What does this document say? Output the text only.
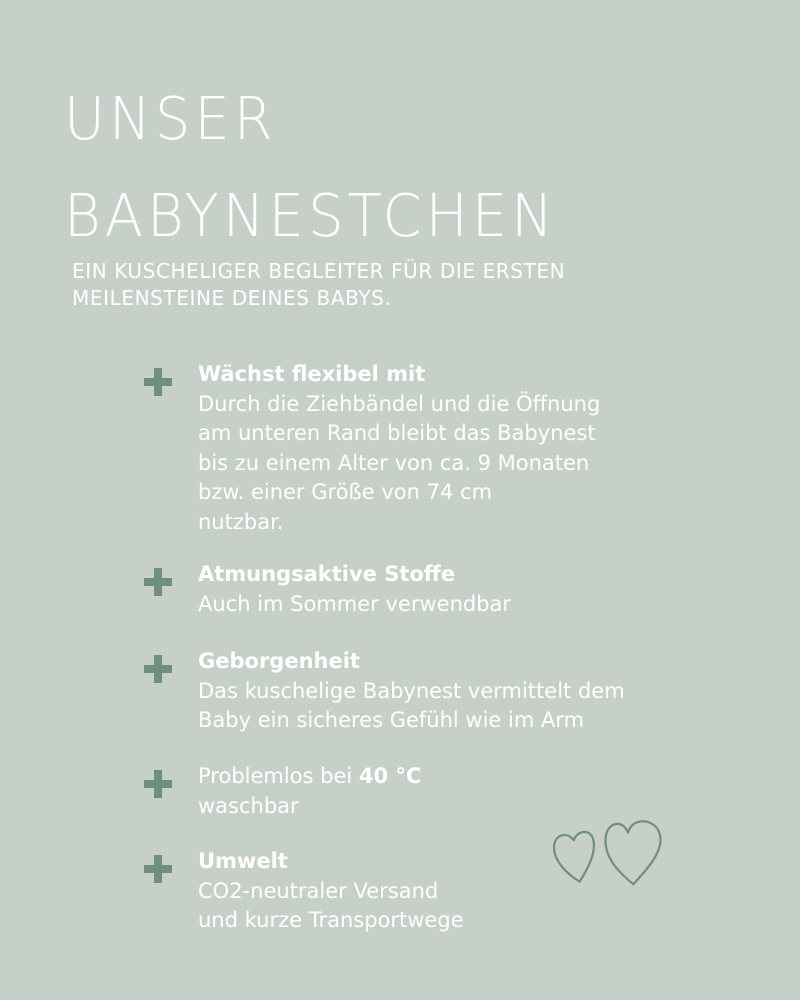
UNSER
BABYNESTCHEN
EIN KUSCHELIGER BEGLEITER FÜR DIE ERSTEN
MEILENSTEINE DEINES BABYS.
Wächst flexibel mit
Durch die Ziehbändel und die Öffnung
am unteren Rand bleibt das Babynest
bis zu einem Alter von ca. 9 Monaten
bzw. einer Größe von 74 cm
nutzbar.
Atmungsaktive Stoffe
Auch im Sommer verwendbar
Geborgenheit
Das kuschelige Babynest vermittelt dem
Baby ein sicheres Gefühl wie im Arm
Problemlos bei 40 °C
waschbar
Umwelt
CO2-neutraler Versand
und kurze Transportwege
